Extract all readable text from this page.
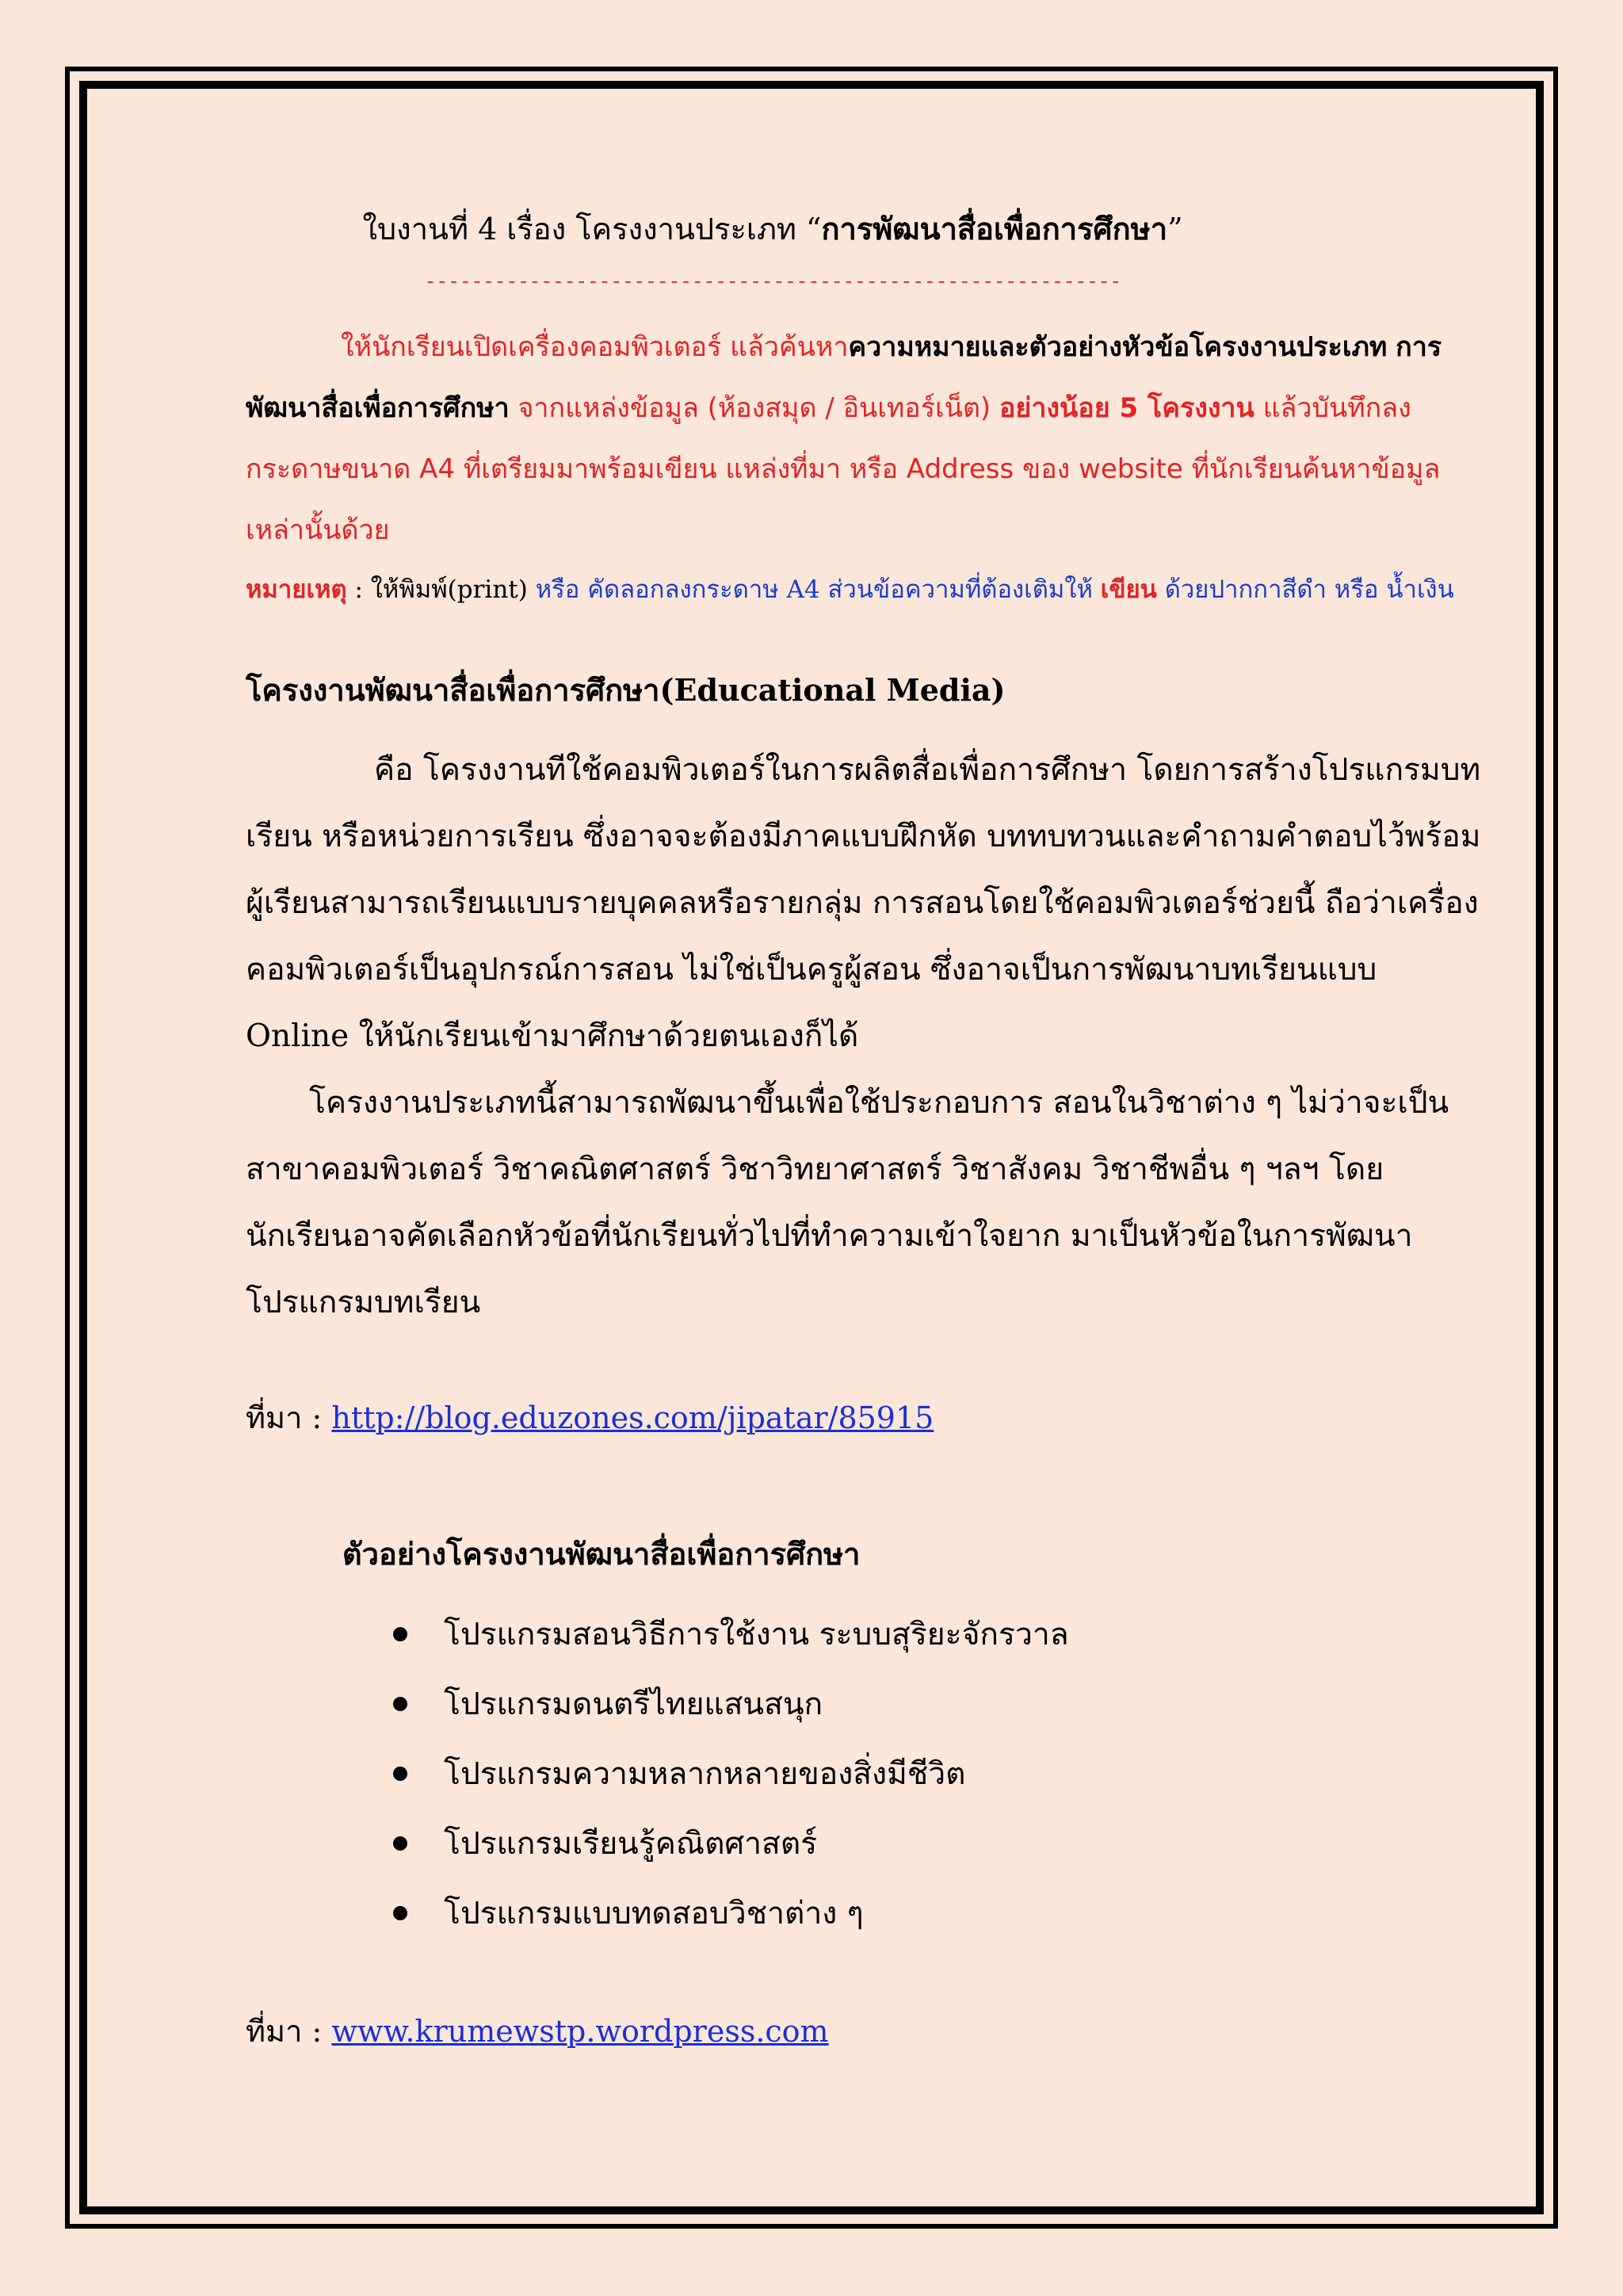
ใบงานที่ 4 เรื่อง โครงงานประเภท “การพัฒนาสื่อเพื่อการศึกษา”
------------------------------------------------------------
ให้นักเรียนเปิดเครื่องคอมพิวเตอร์ แล้วค้นหาความหมายและตัวอย่างหัวข้อโครงงานประเภท การพัฒนาสื่อเพื่อการศึกษา จากแหล่งข้อมูล (ห้องสมุด / อินเทอร์เน็ต) อย่างน้อย 5 โครงงาน แล้วบันทึกลงกระดาษขนาด A4 ที่เตรียมมาพร้อมเขียน แหล่งที่มา หรือ Address ของ website ที่นักเรียนค้นหาข้อมูลเหล่านั้นด้วย
หมายเหตุ : ให้พิมพ์(print) หรือ คัดลอกลงกระดาษ A4 ส่วนข้อความที่ต้องเติมให้ เขียน ด้วยปากกาสีดำ หรือ น้ำเงิน
โครงงานพัฒนาสื่อเพื่อการศึกษา(Educational Media)
คือ โครงงานทีใช้คอมพิวเตอร์ในการผลิตสื่อเพื่อการศึกษา โดยการสร้างโปรแกรมบทเรียน หรือหน่วยการเรียน ซึ่งอาจจะต้องมีภาคแบบฝึกหัด บททบทวนและคำถามคำตอบไว้พร้อม ผู้เรียนสามารถเรียนแบบรายบุคคลหรือรายกลุ่ม การสอนโดยใช้คอมพิวเตอร์ช่วยนี้ ถือว่าเครื่องคอมพิวเตอร์เป็นอุปกรณ์การสอน ไม่ใช่เป็นครูผู้สอน ซึ่งอาจเป็นการพัฒนาบทเรียนแบบ Online ให้นักเรียนเข้ามาศึกษาด้วยตนเองก็ได้
โครงงานประเภทนี้สามารถพัฒนาขึ้นเพื่อใช้ประกอบการ สอนในวิชาต่าง ๆ ไม่ว่าจะเป็นสาขาคอมพิวเตอร์ วิชาคณิตศาสตร์ วิชาวิทยาศาสตร์ วิชาสังคม วิชาชีพอื่น ๆ ฯลฯ โดยนักเรียนอาจคัดเลือกหัวข้อที่นักเรียนทั่วไปที่ทำความเข้าใจยาก มาเป็นหัวข้อในการพัฒนาโปรแกรมบทเรียน
ที่มา : http://blog.eduzones.com/jipatar/85915
ตัวอย่างโครงงานพัฒนาสื่อเพื่อการศึกษา
โปรแกรมสอนวิธีการใช้งาน ระบบสุริยะจักรวาล
โปรแกรมดนตรีไทยแสนสนุก
โปรแกรมความหลากหลายของสิ่งมีชีวิต
โปรแกรมเรียนรู้คณิตศาสตร์
โปรแกรมแบบทดสอบวิชาต่าง ๆ
ที่มา : www.krumewstp.wordpress.com
